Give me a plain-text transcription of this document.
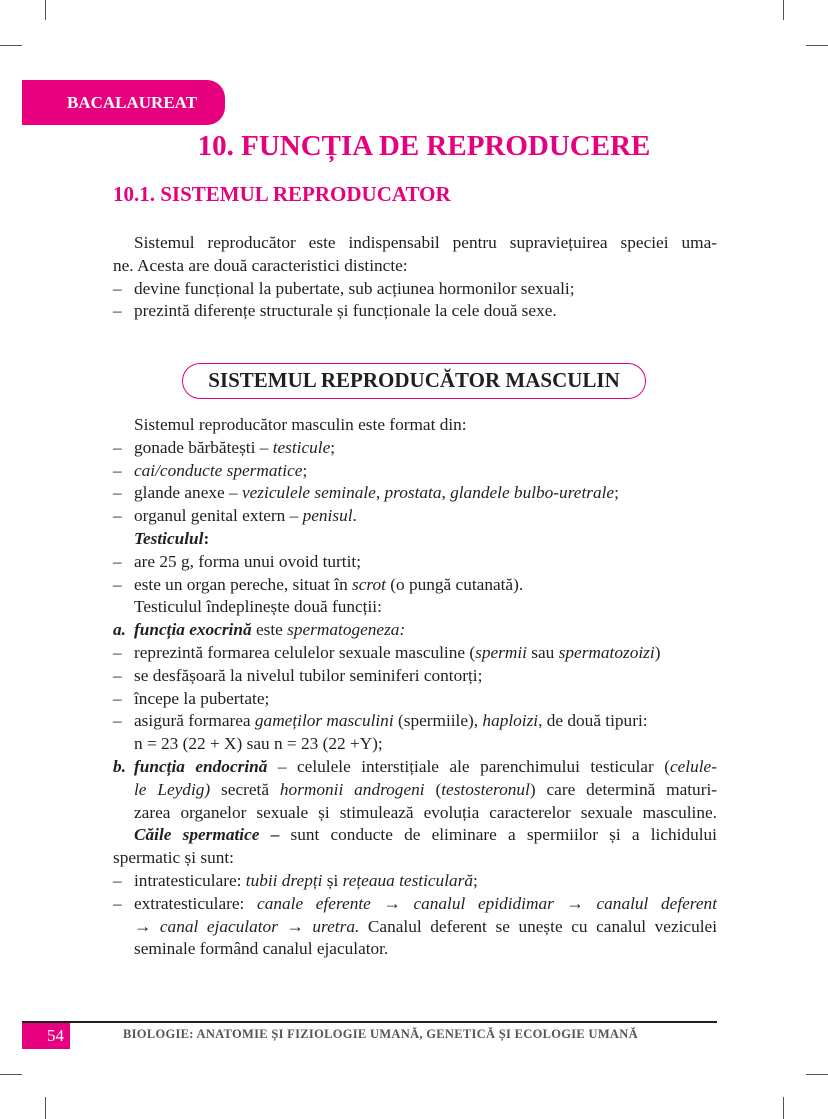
BACALAUREAT
10. FUNCȚIA DE REPRODUCERE
10.1. SISTEMUL REPRODUCATOR
Sistemul reproducător este indispensabil pentru supraviețuirea speciei uma-
ne. Acesta are două caracteristici distincte:
– devine funcțional la pubertate, sub acțiunea hormonilor sexuali;
– prezintă diferențe structurale și funcționale la cele două sexe.
SISTEMUL REPRODUCĂTOR MASCULIN
Sistemul reproducător masculin este format din:
– gonade bărbătești – testicule;
– cai/conducte spermatice;
– glande anexe – veziculele seminale, prostata, glandele bulbo-uretrale;
– organul genital extern – penisul.
Testiculul:
– are 25 g, forma unui ovoid turtit;
– este un organ pereche, situat în scrot (o pungă cutanată).
Testiculul îndeplinește două funcții:
a. funcția exocrină este spermatogeneza:
– reprezintă formarea celulelor sexuale masculine (spermii sau spermatozoizi)
– se desfășoară la nivelul tubilor seminiferi contorți;
– începe la pubertate;
– asigură formarea gameților masculini (spermiile), haploizi, de două tipuri:
n = 23 (22 + X) sau n = 23 (22 +Y);
b. funcția endocrină – celulele interstițiale ale parenchimului testicular (celule-
le Leydig) secretă hormonii androgeni (testosteronul) care determină maturi-
zarea organelor sexuale și stimulează evoluția caracterelor sexuale masculine.
Căile spermatice – sunt conducte de eliminare a spermiilor și a lichidului
spermatic și sunt:
– intratesticulare: tubii drepți și rețeaua testiculară;
– extratesticulare: canale eferente → canalul epididimar → canalul deferent
→ canal ejaculator → uretra. Canalul deferent se unește cu canalul veziculei
seminale formând canalul ejaculator.
54	BIOLOGIE: ANATOMIE ȘI FIZIOLOGIE UMANĂ, GENETICĂ ȘI ECOLOGIE UMANĂ
